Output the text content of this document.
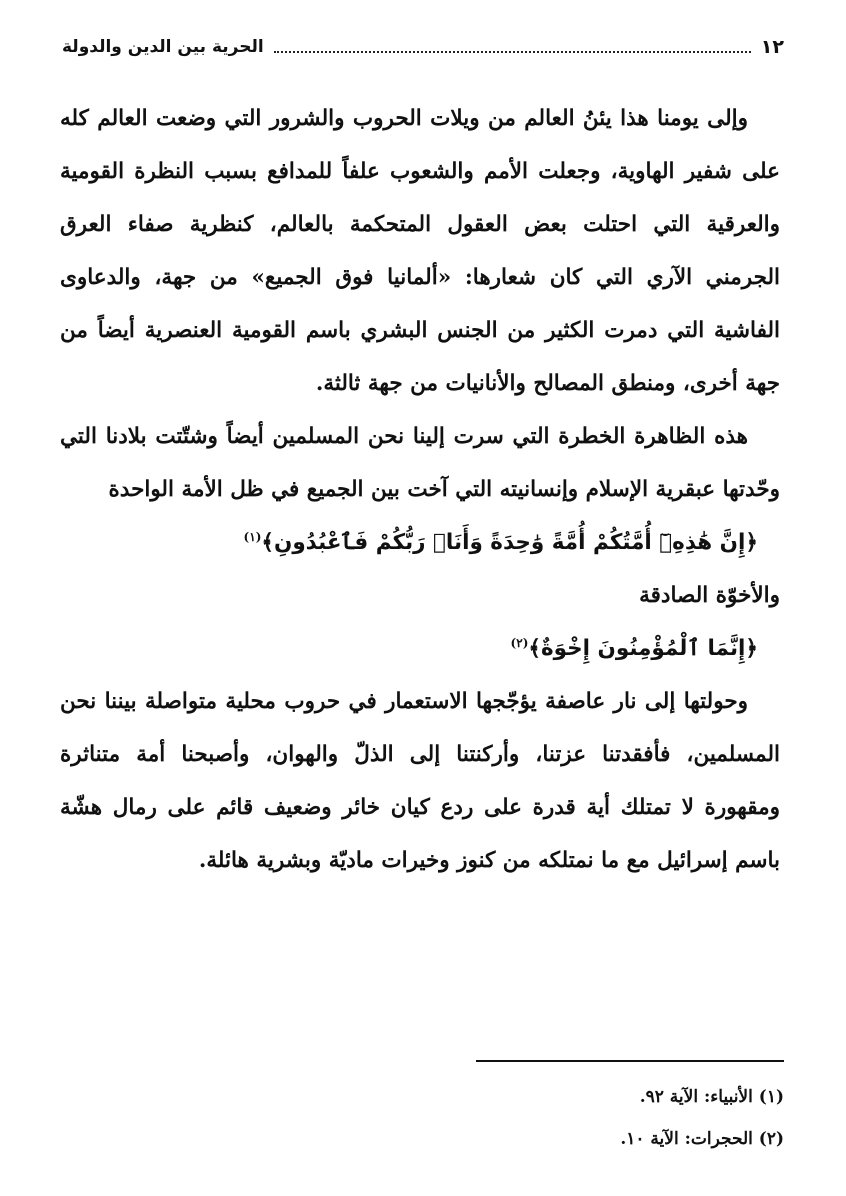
١٢
الحرية بين الدين والدولة

وإلى يومنا هذا يئنُ العالم من ويلات الحروب والشرور التي وضعت العالم كله على شفير الهاوية، وجعلت الأمم والشعوب علفاً للمدافع بسبب النظرة القومية والعرقية التي احتلت بعض العقول المتحكمة بالعالم، كنظرية صفاء العرق الجرمني الآري التي كان شعارها: «ألمانيا فوق الجميع» من جهة، والدعاوى الفاشية التي دمرت الكثير من الجنس البشري باسم القومية العنصرية أيضاً من جهة أخرى، ومنطق المصالح والأنانيات من جهة ثالثة.

هذه الظاهرة الخطرة التي سرت إلينا نحن المسلمين أيضاً وشتّتت بلادنا التي وحّدتها عبقرية الإسلام وإنسانيته التي آخت بين الجميع في ظل الأمة الواحدة

﴿إِنَّ هَٰذِهِۦٓ أُمَّتُكُمْ أُمَّةً وَٰحِدَةً وَأَنَا۠ رَبُّكُمْ فَٱعْبُدُونِ﴾$^{(١)}$

والأخوّة الصادقة

﴿إِنَّمَا ٱلْمُؤْمِنُونَ إِخْوَةٌ﴾$^{(٢)}$

وحولتها إلى نار عاصفة يؤجّجها الاستعمار في حروب محلية متواصلة بيننا نحن المسلمين، فأفقدتنا عزتنا، وأركنتنا إلى الذلّ والهوان، وأصبحنا أمة متناثرة ومقهورة لا تمتلك أية قدرة على ردع كيان خائر وضعيف قائم على رمال هشّة باسم إسرائيل مع ما نمتلكه من كنوز وخيرات ماديّة وبشرية هائلة.

(١) الأنبياء: الآية ٩٢.
(٢) الحجرات: الآية ١٠.
